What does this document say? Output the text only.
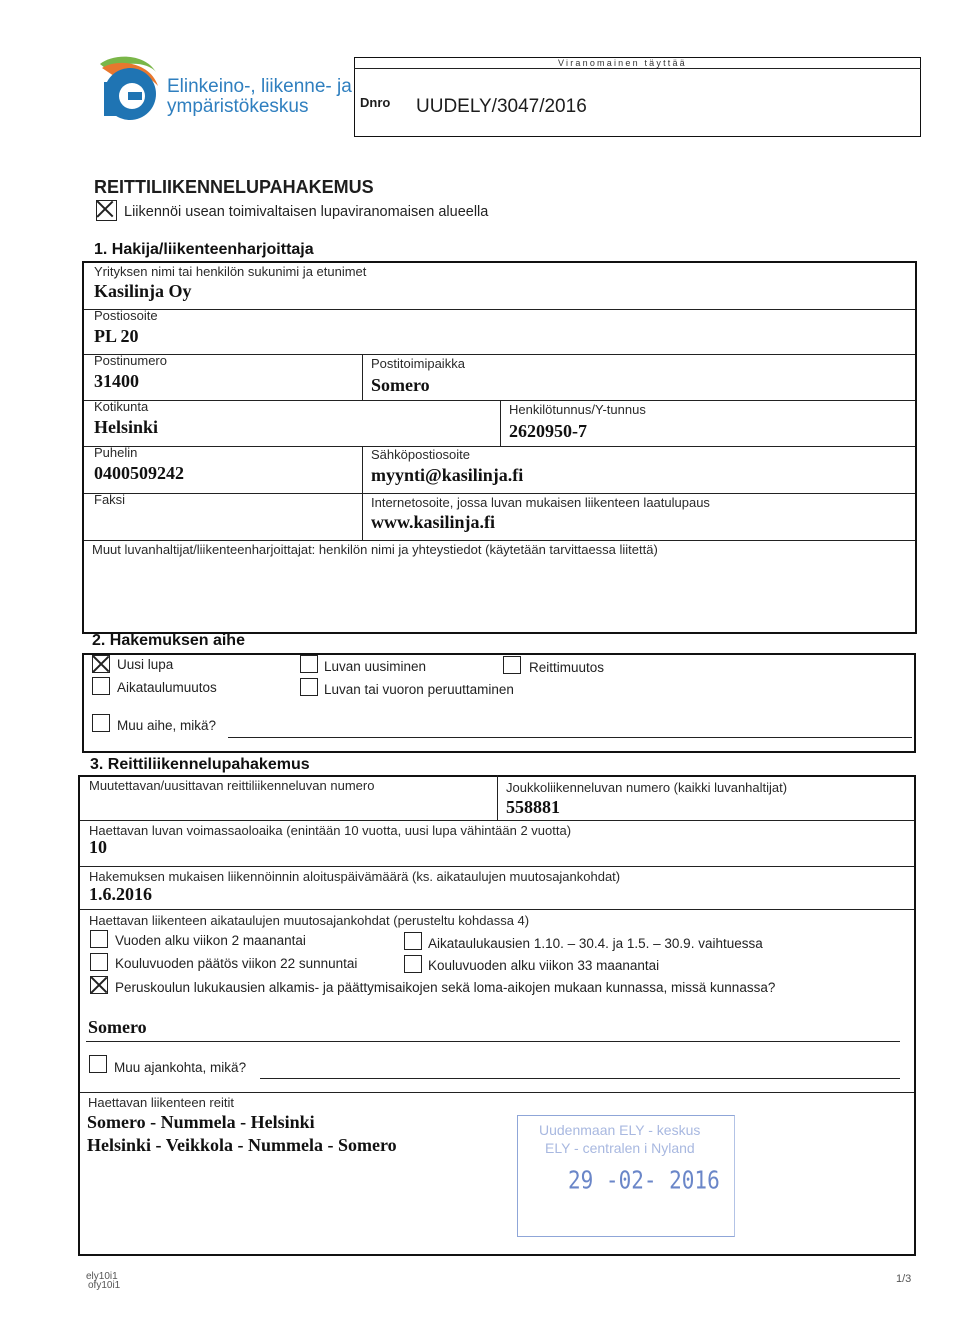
Elinkeino-, liikenne- ja
ympäristökeskus
Viranomainen täyttää
Dnro UUDELY/3047/2016
REITTILIIKENNELUPAHAKEMUS
Liikennöi usean toimivaltaisen lupaviranomaisen alueella
1. Hakija/liikenteenharjoittaja
Yrityksen nimi tai henkilön sukunimi ja etunimet
Kasilinja Oy
Postiosoite
PL 20
Postinumero
31400
Postitoimipaikka
Somero
Kotikunta
Helsinki
Henkilötunnus/Y-tunnus
2620950-7
Puhelin
0400509242
Sähköpostiosoite
myynti@kasilinja.fi
Faksi	Internetosoite, jossa luvan mukaisen liikenteen laatulupaus
www.kasilinja.fi
Muut luvanhaltijat/liikenteenharjoittajat: henkilön nimi ja yhteystiedot (käytetään tarvittaessa liitettä)
2. Hakemuksen aihe
Uusi lupa	Luvan uusiminen	Reittimuutos
Aikataulumuutos	Luvan tai vuoron peruuttaminen
Muu aihe, mikä?
3. Reittiliikennelupahakemus
Muutettavan/uusittavan reittiliikenneluvan numero	Joukkoliikenneluvan numero (kaikki luvanhaltijat)
558881
Haettavan luvan voimassaoloaika (enintään 10 vuotta, uusi lupa vähintään 2 vuotta)
10
Hakemuksen mukaisen liikennöinnin aloituspäivämäärä (ks. aikataulujen muutosajankohdat)
1.6.2016
Haettavan liikenteen aikataulujen muutosajankohdat (perusteltu kohdassa 4)
Vuoden alku viikon 2 maanantai	Aikataulukausien 1.10. – 30.4. ja 1.5. – 30.9. vaihtuessa
Kouluvuoden päätös viikon 22 sunnuntai	Kouluvuoden alku viikon 33 maanantai
Peruskoulun lukukausien alkamis- ja päättymisaikojen sekä loma-aikojen mukaan kunnassa, missä kunnassa?
Somero
Muu ajankohta, mikä?
Haettavan liikenteen reitit
Somero - Nummela - Helsinki
Helsinki - Veikkola - Nummela - Somero
Uudenmaan ELY - keskus
ELY - centralen i Nyland
29 -02- 2016
ely10i1
ofy10i1
1/3
